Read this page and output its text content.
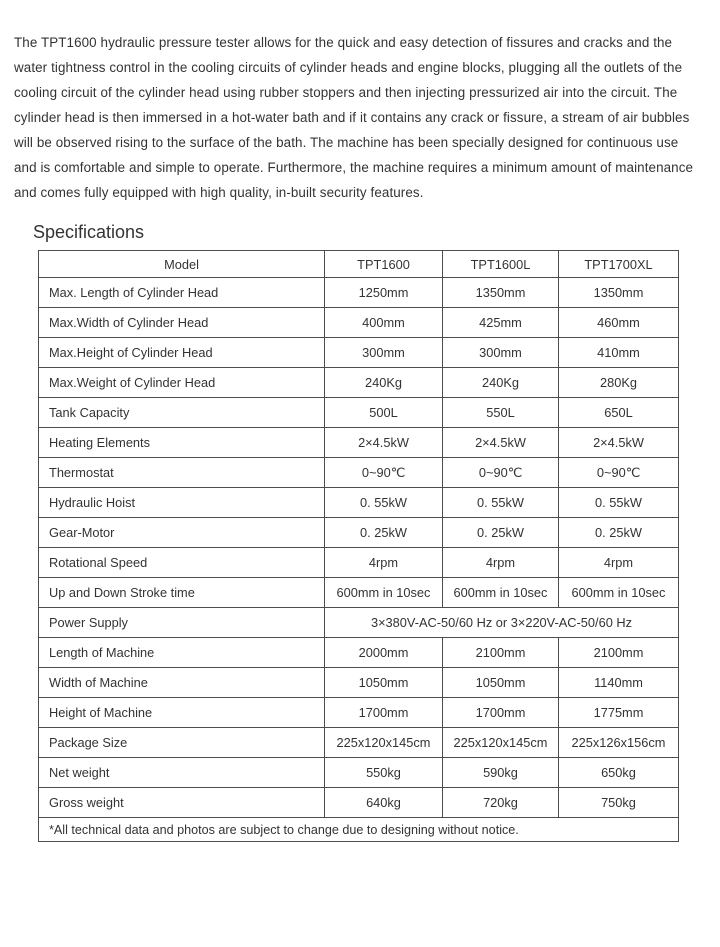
The TPT1600 hydraulic pressure tester allows for the quick and easy detection of fissures and cracks and the water tightness control in the cooling circuits of cylinder heads and engine blocks, plugging all the outlets of the cooling circuit of the cylinder head using rubber stoppers and then injecting pressurized air into the circuit. The cylinder head is then immersed in a hot-water bath and if it contains any crack or fissure, a stream of air bubbles will be observed rising to the surface of the bath. The machine has been specially designed for continuous use and is comfortable and simple to operate. Furthermore, the machine requires a minimum amount of maintenance and comes fully equipped with high quality, in-built security features.

Specifications
Model	TPT1600	TPT1600L	TPT1700XL
Max. Length of Cylinder Head	1250mm	1350mm	1350mm
Max.Width of Cylinder Head	400mm	425mm	460mm
Max.Height of Cylinder Head	300mm	300mm	410mm
Max.Weight of Cylinder Head	240Kg	240Kg	280Kg
Tank Capacity	500L	550L	650L
Heating Elements	2×4.5kW	2×4.5kW	2×4.5kW
Thermostat	0~90℃	0~90℃	0~90℃
Hydraulic Hoist	0. 55kW	0. 55kW	0. 55kW
Gear-Motor	0. 25kW	0. 25kW	0. 25kW
Rotational Speed	4rpm	4rpm	4rpm
Up and Down Stroke time	600mm in 10sec	600mm in 10sec	600mm in 10sec
Power Supply	3×380V-AC-50/60 Hz or 3×220V-AC-50/60 Hz		
Length of Machine	2000mm	2100mm	2100mm
Width of Machine	1050mm	1050mm	1140mm
Height of Machine	1700mm	1700mm	1775mm
Package Size	225x120x145cm	225x120x145cm	225x126x156cm
Net weight	550kg	590kg	650kg
Gross weight	640kg	720kg	750kg
*All technical data and photos are subject to change due to designing without notice.			
